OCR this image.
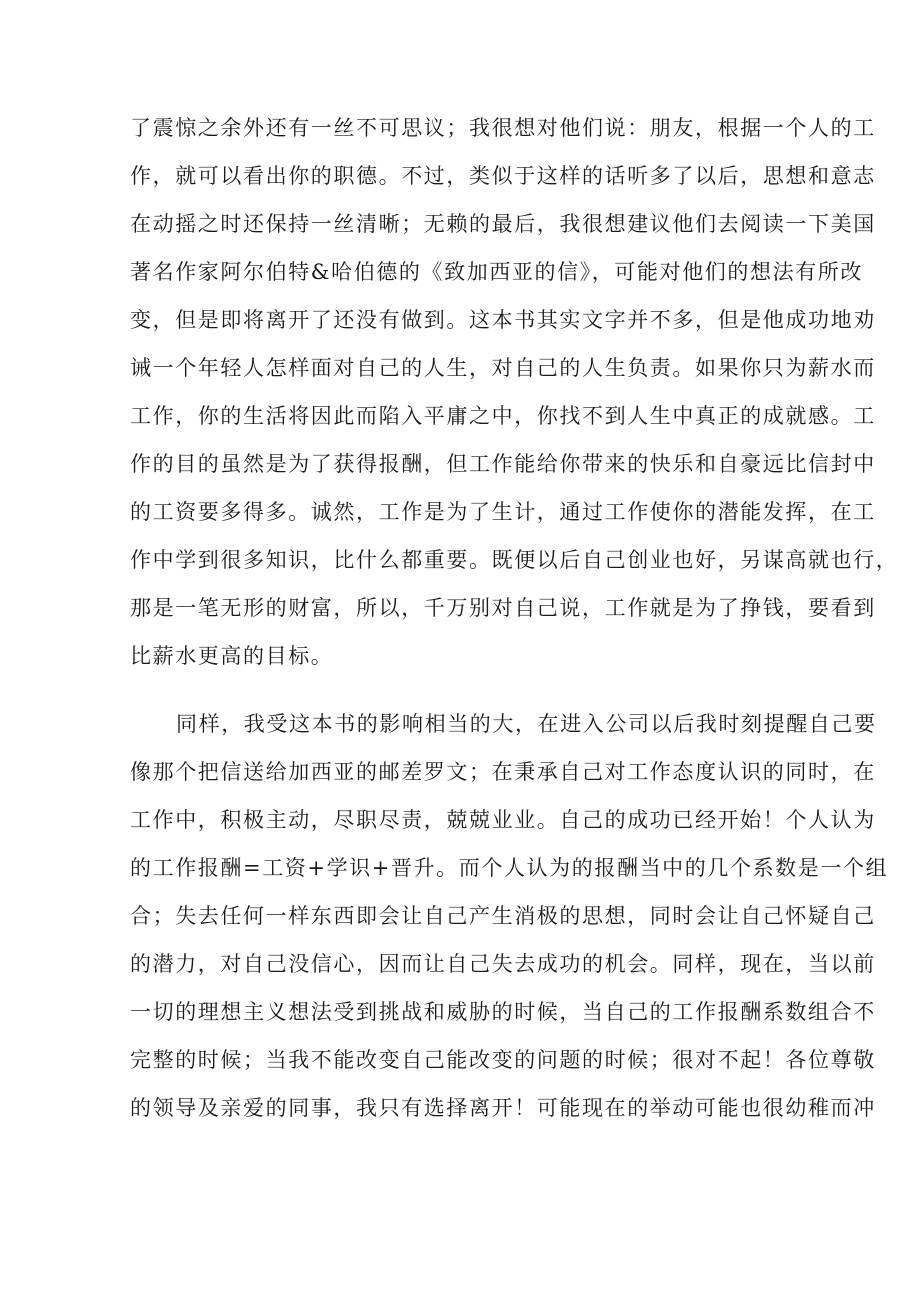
了震惊之余外还有一丝不可思议；我很想对他们说：朋友，根据一个人的工
作，就可以看出你的职德。不过，类似于这样的话听多了以后，思想和意志
在动摇之时还保持一丝清晰；无赖的最后，我很想建议他们去阅读一下美国
著名作家阿尔伯特&哈伯德的《致加西亚的信》，可能对他们的想法有所改
变，但是即将离开了还没有做到。这本书其实文字并不多，但是他成功地劝
诫一个年轻人怎样面对自己的人生，对自己的人生负责。如果你只为薪水而
工作，你的生活将因此而陷入平庸之中，你找不到人生中真正的成就感。工
作的目的虽然是为了获得报酬，但工作能给你带来的快乐和自豪远比信封中
的工资要多得多。诚然，工作是为了生计，通过工作使你的潜能发挥，在工
作中学到很多知识，比什么都重要。既便以后自己创业也好，另谋高就也行，
那是一笔无形的财富，所以，千万别对自己说，工作就是为了挣钱，要看到
比薪水更高的目标。
同样，我受这本书的影响相当的大，在进入公司以后我时刻提醒自己要
像那个把信送给加西亚的邮差罗文；在秉承自己对工作态度认识的同时，在
工作中，积极主动，尽职尽责，兢兢业业。自己的成功已经开始！个人认为
的工作报酬=工资+学识+晋升。而个人认为的报酬当中的几个系数是一个组
合；失去任何一样东西即会让自己产生消极的思想，同时会让自己怀疑自己
的潜力，对自己没信心，因而让自己失去成功的机会。同样，现在，当以前
一切的理想主义想法受到挑战和威胁的时候，当自己的工作报酬系数组合不
完整的时候；当我不能改变自己能改变的问题的时候；很对不起！各位尊敬
的领导及亲爱的同事，我只有选择离开！可能现在的举动可能也很幼稚而冲
